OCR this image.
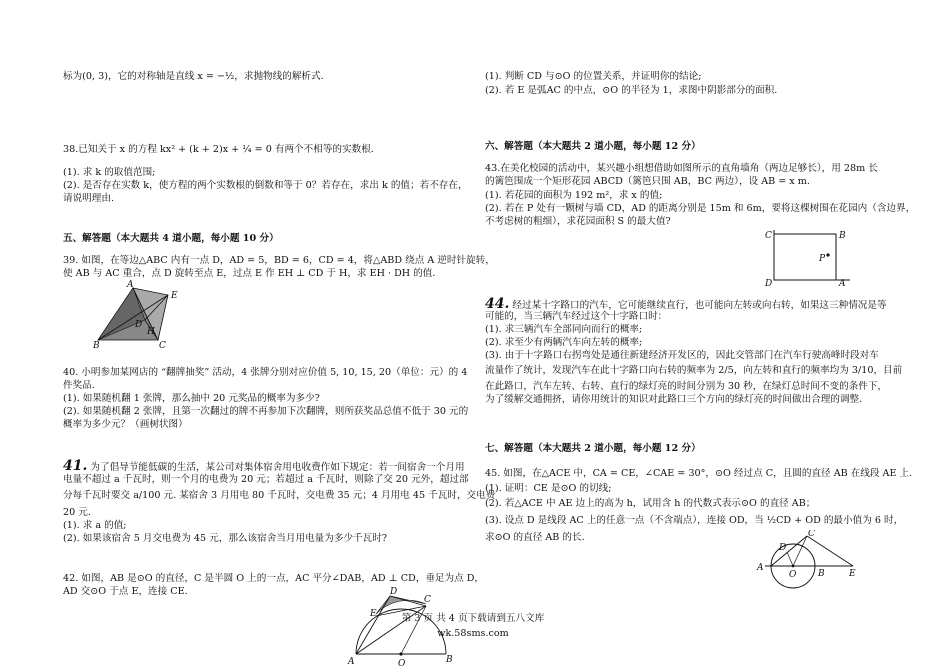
标为(0, 3)，它的对称轴是直线 x = −½，求抛物线的解析式.
38.已知关于 x 的方程 kx² + (k + 2)x + ¼ = 0 有两个不相等的实数根.
(1). 求 k 的取值范围;
(2). 是否存在实数 k，使方程的两个实数根的倒数和等于 0？若存在，求出 k 的值；若不存在，
请说明理由.
五、解答题（本大题共 4 道小题，每小题 10 分）
39. 如图，在等边△ABC 内有一点 D，AD = 5，BD = 6，CD = 4，将△ABD 绕点 A 逆时针旋转，
使 AB 与 AC 重合，点 D 旋转至点 E，过点 E 作 EH ⊥ CD 于 H，求 EH · DH 的值.
A
B	C
D
E
H
40. 小明参加某网店的 “翻牌抽奖” 活动，4 张牌分别对应价值 5, 10, 15, 20（单位：元）的 4
件奖品.
(1). 如果随机翻 1 张牌，那么抽中 20 元奖品的概率为多少?
(2). 如果随机翻 2 张牌，且第一次翻过的牌不再参加下次翻牌，则所获奖品总值不低于 30 元的
概率为多少元？（画树状图）
41. 为了倡导节能低碳的生活，某公司对集体宿舍用电收费作如下规定：若一间宿舍一个月用
电量不超过 a 千瓦时，则一个月的电费为 20 元；若超过 a 千瓦时，则除了交 20 元外，超过部
分每千瓦时要交 a/100 元. 某宿舍 3 月用电 80 千瓦时，交电费 35 元；4 月用电 45 千瓦时，交电费
20 元.
(1). 求 a 的值;
(2). 如果该宿舍 5 月交电费为 45 元，那么该宿舍当月用电量为多少千瓦时?
42. 如图，AB 是⊙O 的直径，C 是半圆 O 上的一点，AC 平分∠DAB，AD ⊥ CD，垂足为点 D，
AD 交⊙O 于点 E，连接 CE.
A	B
C
D
E
O
(1). 判断 CD 与⊙O 的位置关系，并证明你的结论;
(2). 若 E 是弧AC 的中点，⊙O 的半径为 1，求图中阴影部分的面积.
六、解答题（本大题共 2 道小题，每小题 12 分）
43.在美化校园的活动中，某兴趣小组想借助如图所示的直角墙角（两边足够长），用 28m 长
的篱笆围成一个矩形花园 ABCD（篱笆只围 AB，BC 两边），设 AB = x m.
(1). 若花园的面积为 192 m²，求 x 的值;
(2). 若在 P 处有一颗树与墙 CD，AD 的距离分别是 15m 和 6m，要将这棵树围在花园内（含边界，
不考虑树的粗细），求花园面积 S 的最大值?
44. 经过某十字路口的汽车，它可能继续直行，也可能向左转或向右转，如果这三种情况是等
可能的，当三辆汽车经过这个十字路口时：
(1). 求三辆汽车全部同向而行的概率;
(2). 求至少有两辆汽车向左转的概率;
(3). 由于十字路口右拐弯处是通往新建经济开发区的，因此交管部门在汽车行驶高峰时段对车
流量作了统计，发现汽车在此十字路口向右转的频率为 2/5，向左转和直行的频率均为 3/10，目前
在此路口，汽车左转、右转、直行的绿灯亮的时间分别为 30 秒，在绿灯总时间不变的条件下，
为了缓解交通拥挤，请你用统计的知识对此路口三个方向的绿灯亮的时间做出合理的调整.
七、解答题（本大题共 2 道小题，每小题 12 分）
45. 如图，在△ACE 中，CA = CE，∠CAE = 30°，⊙O 经过点 C，且圆的直径 AB 在线段 AE 上.
(1). 证明：CE 是⊙O 的切线;
(2). 若△ACE 中 AE 边上的高为 h，试用含 h 的代数式表示⊙O 的直径 AB；
(3). 设点 D 是线段 AC 上的任意一点（不含端点），连接 OD，当 ½CD + OD 的最小值为 6 时，
求⊙O 的直径 AB 的长.
C	B
D	A
P
A
B
C
D
E
O
第 3 页 共 4 页下载请到五八文库 wk.58sms.com
